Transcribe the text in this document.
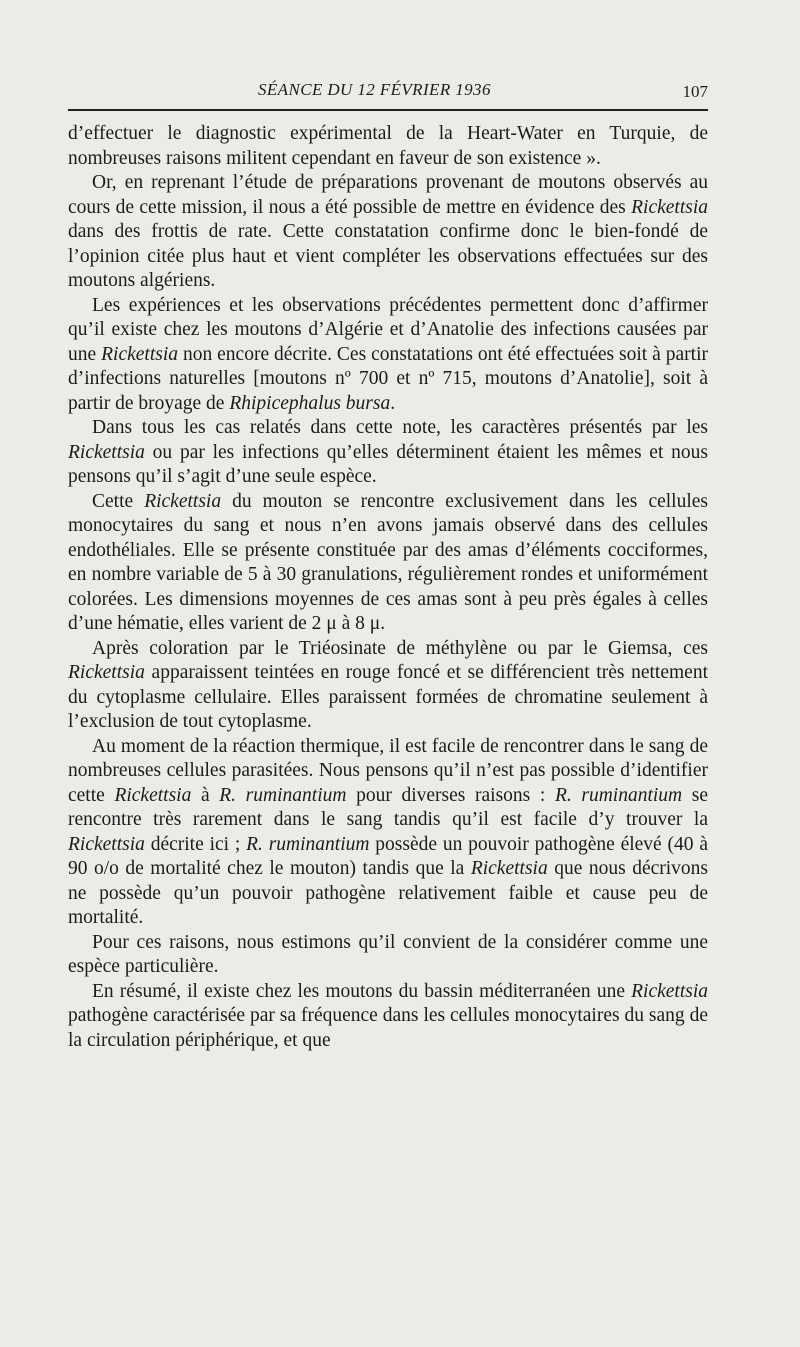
SÉANCE DU 12 FÉVRIER 1936	107

d’effectuer le diagnostic expérimental de la Heart-Water en Turquie, de nombreuses raisons militent cependant en faveur de son existence ».

Or, en reprenant l’étude de préparations provenant de moutons observés au cours de cette mission, il nous a été possible de mettre en évidence des Rickettsia dans des frottis de rate. Cette constatation confirme donc le bien-fondé de l’opinion citée plus haut et vient compléter les observations effectuées sur des moutons algériens.

Les expériences et les observations précédentes permettent donc d’affirmer qu’il existe chez les moutons d’Algérie et d’Anatolie des infections causées par une Rickettsia non encore décrite. Ces constatations ont été effectuées soit à partir d’infections naturelles [moutons nº 700 et nº 715, moutons d’Anatolie], soit à partir de broyage de Rhipicephalus bursa.

Dans tous les cas relatés dans cette note, les caractères présentés par les Rickettsia ou par les infections qu’elles déterminent étaient les mêmes et nous pensons qu’il s’agit d’une seule espèce.

Cette Rickettsia du mouton se rencontre exclusivement dans les cellules monocytaires du sang et nous n’en avons jamais observé dans des cellules endothéliales. Elle se présente constituée par des amas d’éléments cocciformes, en nombre variable de 5 à 30 granulations, régulièrement rondes et uniformément colorées. Les dimensions moyennes de ces amas sont à peu près égales à celles d’une hématie, elles varient de 2 μ à 8 μ.

Après coloration par le Triéosinate de méthylène ou par le Giemsa, ces Rickettsia apparaissent teintées en rouge foncé et se différencient très nettement du cytoplasme cellulaire. Elles paraissent formées de chromatine seulement à l’exclusion de tout cytoplasme.

Au moment de la réaction thermique, il est facile de rencontrer dans le sang de nombreuses cellules parasitées. Nous pensons qu’il n’est pas possible d’identifier cette Rickettsia à R. ruminantium pour diverses raisons : R. ruminantium se rencontre très rarement dans le sang tandis qu’il est facile d’y trouver la Rickettsia décrite ici ; R. ruminantium possède un pouvoir pathogène élevé (40 à 90 o/o de mortalité chez le mouton) tandis que la Rickettsia que nous décrivons ne possède qu’un pouvoir pathogène relativement faible et cause peu de mortalité.

Pour ces raisons, nous estimons qu’il convient de la considérer comme une espèce particulière.

En résumé, il existe chez les moutons du bassin méditerranéen une Rickettsia pathogène caractérisée par sa fréquence dans les cellules monocytaires du sang de la circulation périphérique, et que
